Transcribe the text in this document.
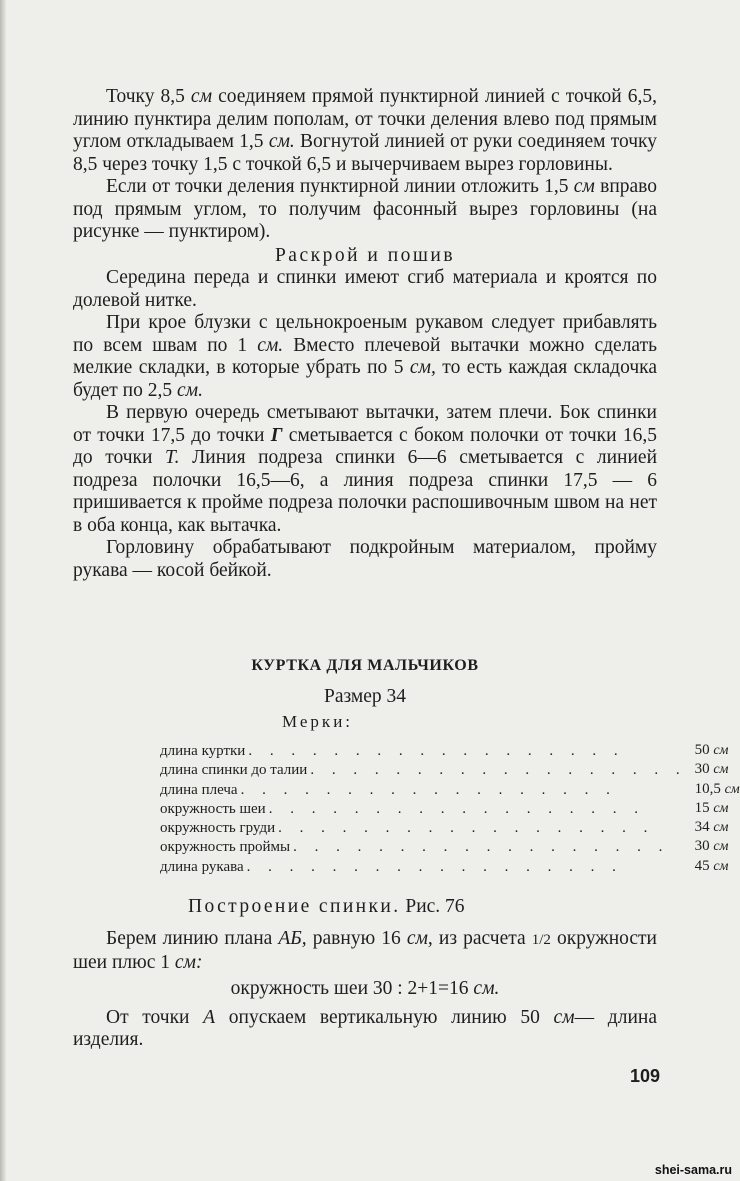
Точку 8,5 см соединяем прямой пунктирной линией с точкой 6,5, линию пунктира делим пополам, от точки деления влево под прямым углом откладываем 1,5 см. Вогнутой линией от руки соединяем точку 8,5 через точку 1,5 с точкой 6,5 и вычерчиваем вырез горловины.

Если от точки деления пунктирной линии отложить 1,5 см вправо под прямым углом, то получим фасонный вырез горловины (на рисунке — пунктиром).

Раскрой и пошив

Середина переда и спинки имеют сгиб материала и кроятся по долевой нитке.

При крое блузки с цельнокроеным рукавом следует прибавлять по всем швам по 1 см. Вместо плечевой вытачки можно сделать мелкие складки, в которые убрать по 5 см, то есть каждая складочка будет по 2,5 см.

В первую очередь сметывают вытачки, затем плечи. Бок спинки от точки 17,5 до точки Г сметывается с боком полочки от точки 16,5 до точки Т. Линия подреза спинки 6—6 сметывается с линией подреза полочки 16,5—6, а линия подреза спинки 17,5 — 6 пришивается к пройме подреза полочки распошивочным швом на нет в оба конца, как вытачка.

Горловину обрабатывают подкройным материалом, пройму рукава — косой бейкой.

КУРТКА ДЛЯ МАЛЬЧИКОВ
Размер 34
Мерки:
длина куртки . . . . . . . . . . . . . . . . . .	50 см
длина спинки до талии . . . . . . . . . . . . . . . . . .	30 см
длина плеча . . . . . . . . . . . . . . . . . .	10,5 см
окружность шеи . . . . . . . . . . . . . . . . . .	15 см
окружность груди . . . . . . . . . . . . . . . . . .	34 см
окружность проймы . . . . . . . . . . . . . . . . . .	30 см
длина рукава . . . . . . . . . . . . . . . . . .	45 см
Построение спинки. Рис. 76

Берем линию плана АБ, равную 16 см, из расчета 1/2 окружности шеи плюс 1 см:

окружность шеи 30 : 2+1=16 см.

От точки А опускаем вертикальную линию 50 см— длина изделия.

109
shei-sama.ru
